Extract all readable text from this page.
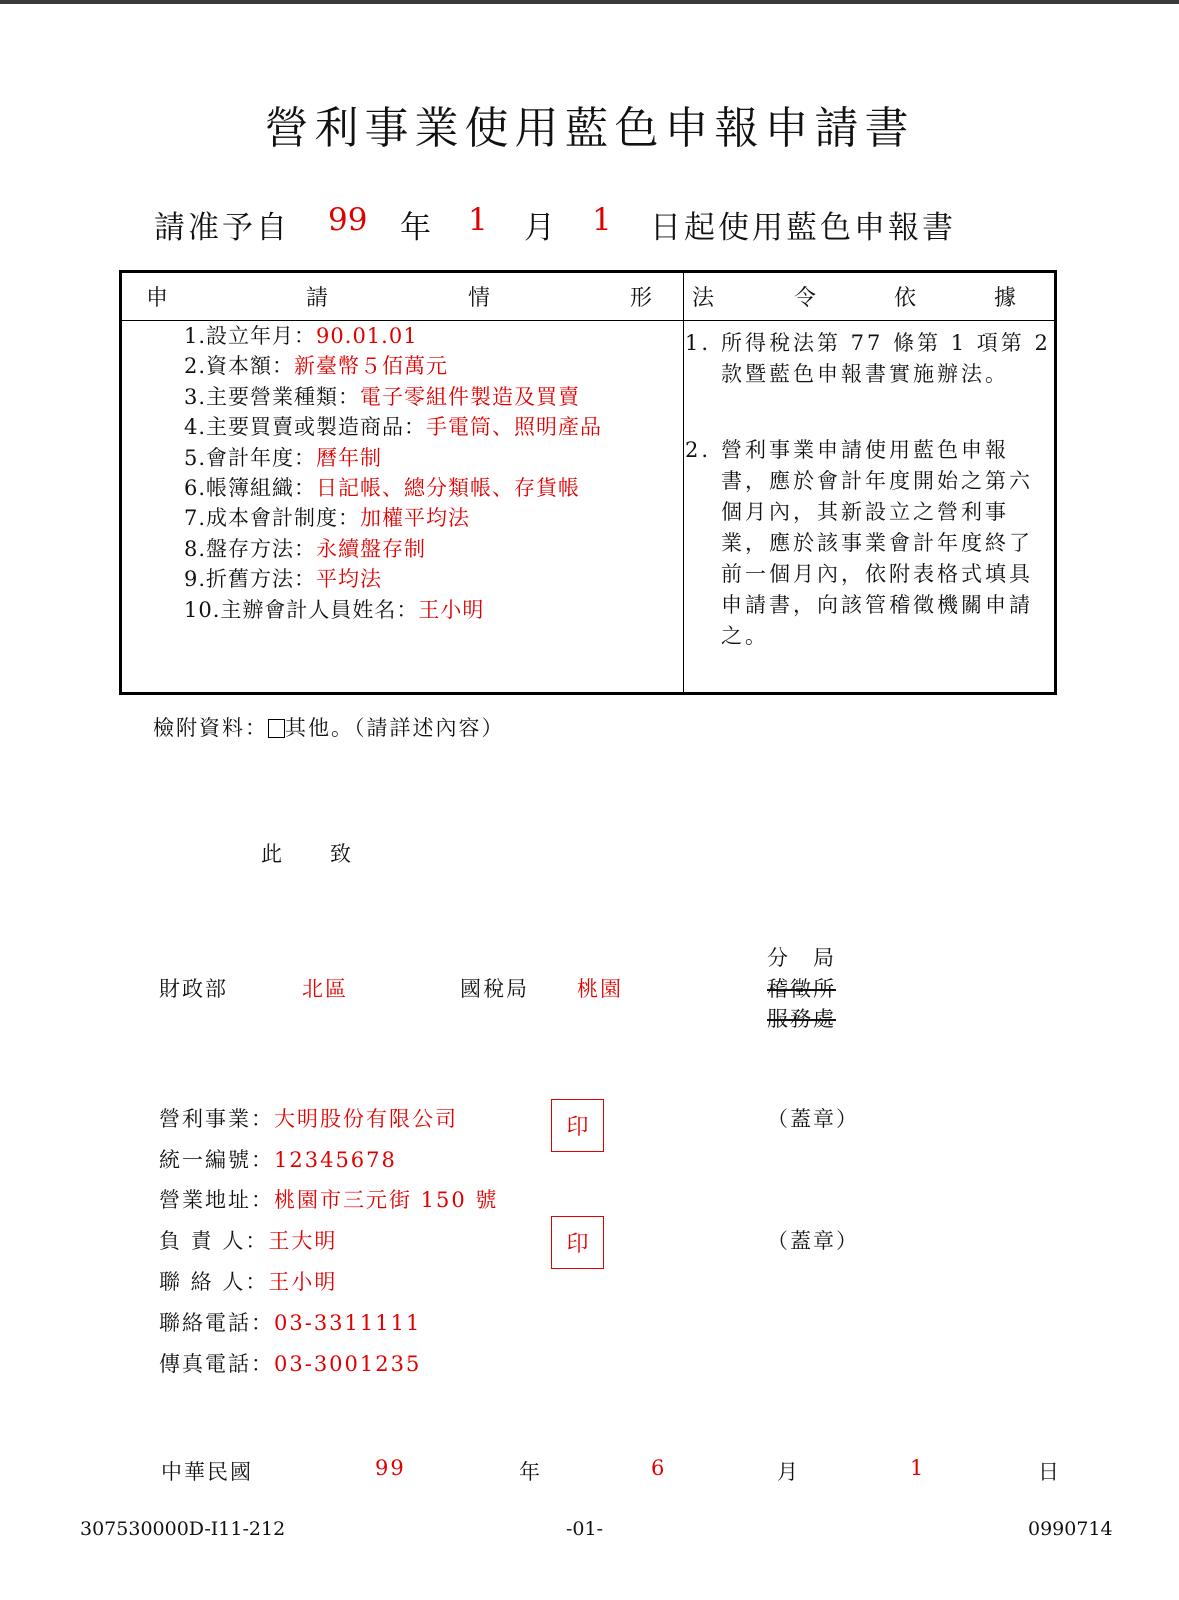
營利事業使用藍色申報申請書
請准予自 99 年 1 月 1 日起使用藍色申報書
申	請	情	形 法	令	依	據
1.設立年月：90.01.01
2.資本額：新臺幣５佰萬元
3.主要營業種類：電子零組件製造及買賣
4.主要買賣或製造商品：手電筒、照明產品
5.會計年度：曆年制
6.帳簿組織：日記帳、總分類帳、存貨帳
7.成本會計制度：加權平均法
8.盤存方法：永續盤存制
9.折舊方法：平均法
10.主辦會計人員姓名：王小明
1. 所得稅法第 77 條第 1 項第 2
款暨藍色申報書實施辦法。
2. 營利事業申請使用藍色申報
書，應於會計年度開始之第六
個月內，其新設立之營利事
業，應於該事業會計年度終了
前一個月內，依附表格式填具
申請書，向該管稽徵機關申請
之。
檢附資料： 其他。（請詳述內容）
此 致
財政部	北區	國稅局 桃園
分　局
稽徵所
服務處
營利事業：大明股份有限公司
統一編號：12345678
營業地址：桃園市三元街 150 號
負 責 人：王大明
聯 絡 人：王小明
聯絡電話：03-3311111
傳真電話：03-3001235
印
印
（蓋章）
（蓋章）
中華民國	99	年	6	月	1	日
307530000D-I11-212	-01-	0990714
